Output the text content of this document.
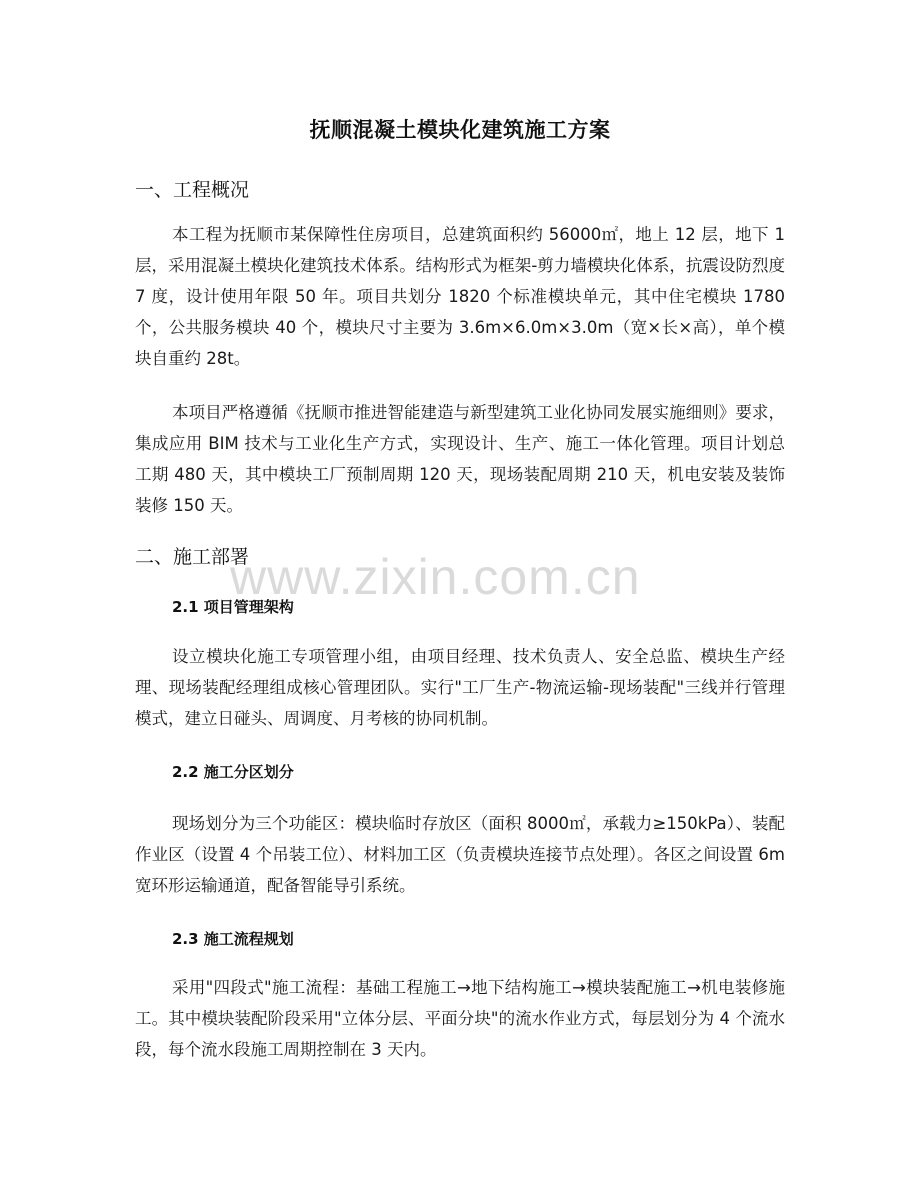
抚顺混凝土模块化建筑施工方案
一、工程概况
本工程为抚顺市某保障性住房项目，总建筑面积约 56000㎡，地上 12 层，地下 1 层，采用混凝土模块化建筑技术体系。结构形式为框架-剪力墙模块化体系，抗震设防烈度 7 度，设计使用年限 50 年。项目共划分 1820 个标准模块单元，其中住宅模块 1780 个，公共服务模块 40 个，模块尺寸主要为 3.6m×6.0m×3.0m（宽×长×高），单个模块自重约 28t。
本项目严格遵循《抚顺市推进智能建造与新型建筑工业化协同发展实施细则》要求，集成应用 BIM 技术与工业化生产方式，实现设计、生产、施工一体化管理。项目计划总工期 480 天，其中模块工厂预制周期 120 天，现场装配周期 210 天，机电安装及装饰装修 150 天。
二、施工部署
2.1 项目管理架构
设立模块化施工专项管理小组，由项目经理、技术负责人、安全总监、模块生产经理、现场装配经理组成核心管理团队。实行"工厂生产-物流运输-现场装配"三线并行管理模式，建立日碰头、周调度、月考核的协同机制。
2.2 施工分区划分
现场划分为三个功能区：模块临时存放区（面积 8000㎡，承载力≥150kPa）、装配作业区（设置 4 个吊装工位）、材料加工区（负责模块连接节点处理）。各区之间设置 6m 宽环形运输通道，配备智能导引系统。
2.3 施工流程规划
采用"四段式"施工流程：基础工程施工→地下结构施工→模块装配施工→机电装修施工。其中模块装配阶段采用"立体分层、平面分块"的流水作业方式，每层划分为 4 个流水段，每个流水段施工周期控制在 3 天内。
www.zixin.com.cn
